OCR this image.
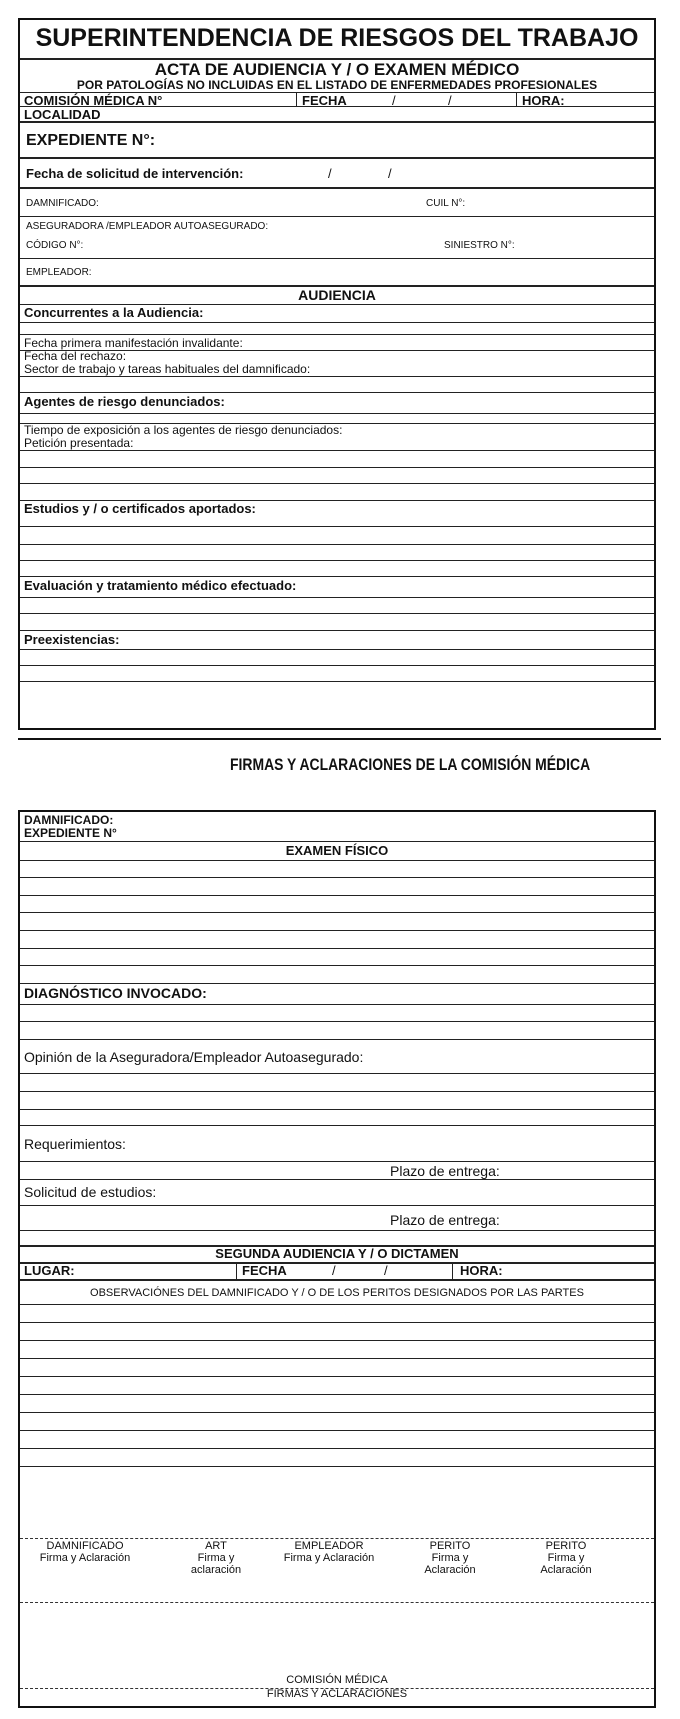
SUPERINTENDENCIA DE RIESGOS DEL TRABAJO
ACTA DE AUDIENCIA Y / O EXAMEN MÉDICO
POR PATOLOGÍAS NO INCLUIDAS EN EL LISTADO DE ENFERMEDADES PROFESIONALES
COMISIÓN MÉDICA N°	FECHA	/	/	HORA:
LOCALIDAD
EXPEDIENTE N°:
Fecha de solicitud de intervención:	/	/
DAMNIFICADO:	CUIL N°:
ASEGURADORA /EMPLEADOR AUTOASEGURADO:
CÓDIGO N°:	SINIESTRO N°:
EMPLEADOR:
AUDIENCIA
Concurrentes a la Audiencia:
Fecha primera manifestación invalidante:
Fecha del rechazo:
Sector de trabajo y tareas habituales del damnificado:
Agentes de riesgo denunciados:
Tiempo de exposición a los agentes de riesgo denunciados:
Petición presentada:
Estudios y / o certificados aportados:
Evaluación y tratamiento médico efectuado:
Preexistencias:
FIRMAS Y ACLARACIONES DE LA COMISIÓN MÉDICA
DAMNIFICADO:
EXPEDIENTE N°
EXAMEN FÍSICO
DIAGNÓSTICO INVOCADO:
Opinión de la Aseguradora/Empleador Autoasegurado:
Requerimientos:
Plazo de entrega:
Solicitud de estudios:
Plazo de entrega:
SEGUNDA AUDIENCIA Y / O DICTAMEN
LUGAR:	FECHA	/	/	HORA:
OBSERVACIÓNES DEL DAMNIFICADO Y / O DE LOS PERITOS DESIGNADOS POR LAS PARTES
DAMNIFICADO
Firma y Aclaración
ART
Firma y aclaración
EMPLEADOR
Firma y Aclaración
PERITO
Firma y Aclaración
PERITO
Firma y Aclaración
COMISIÓN MÉDICA
FIRMAS Y ACLARACIONES
